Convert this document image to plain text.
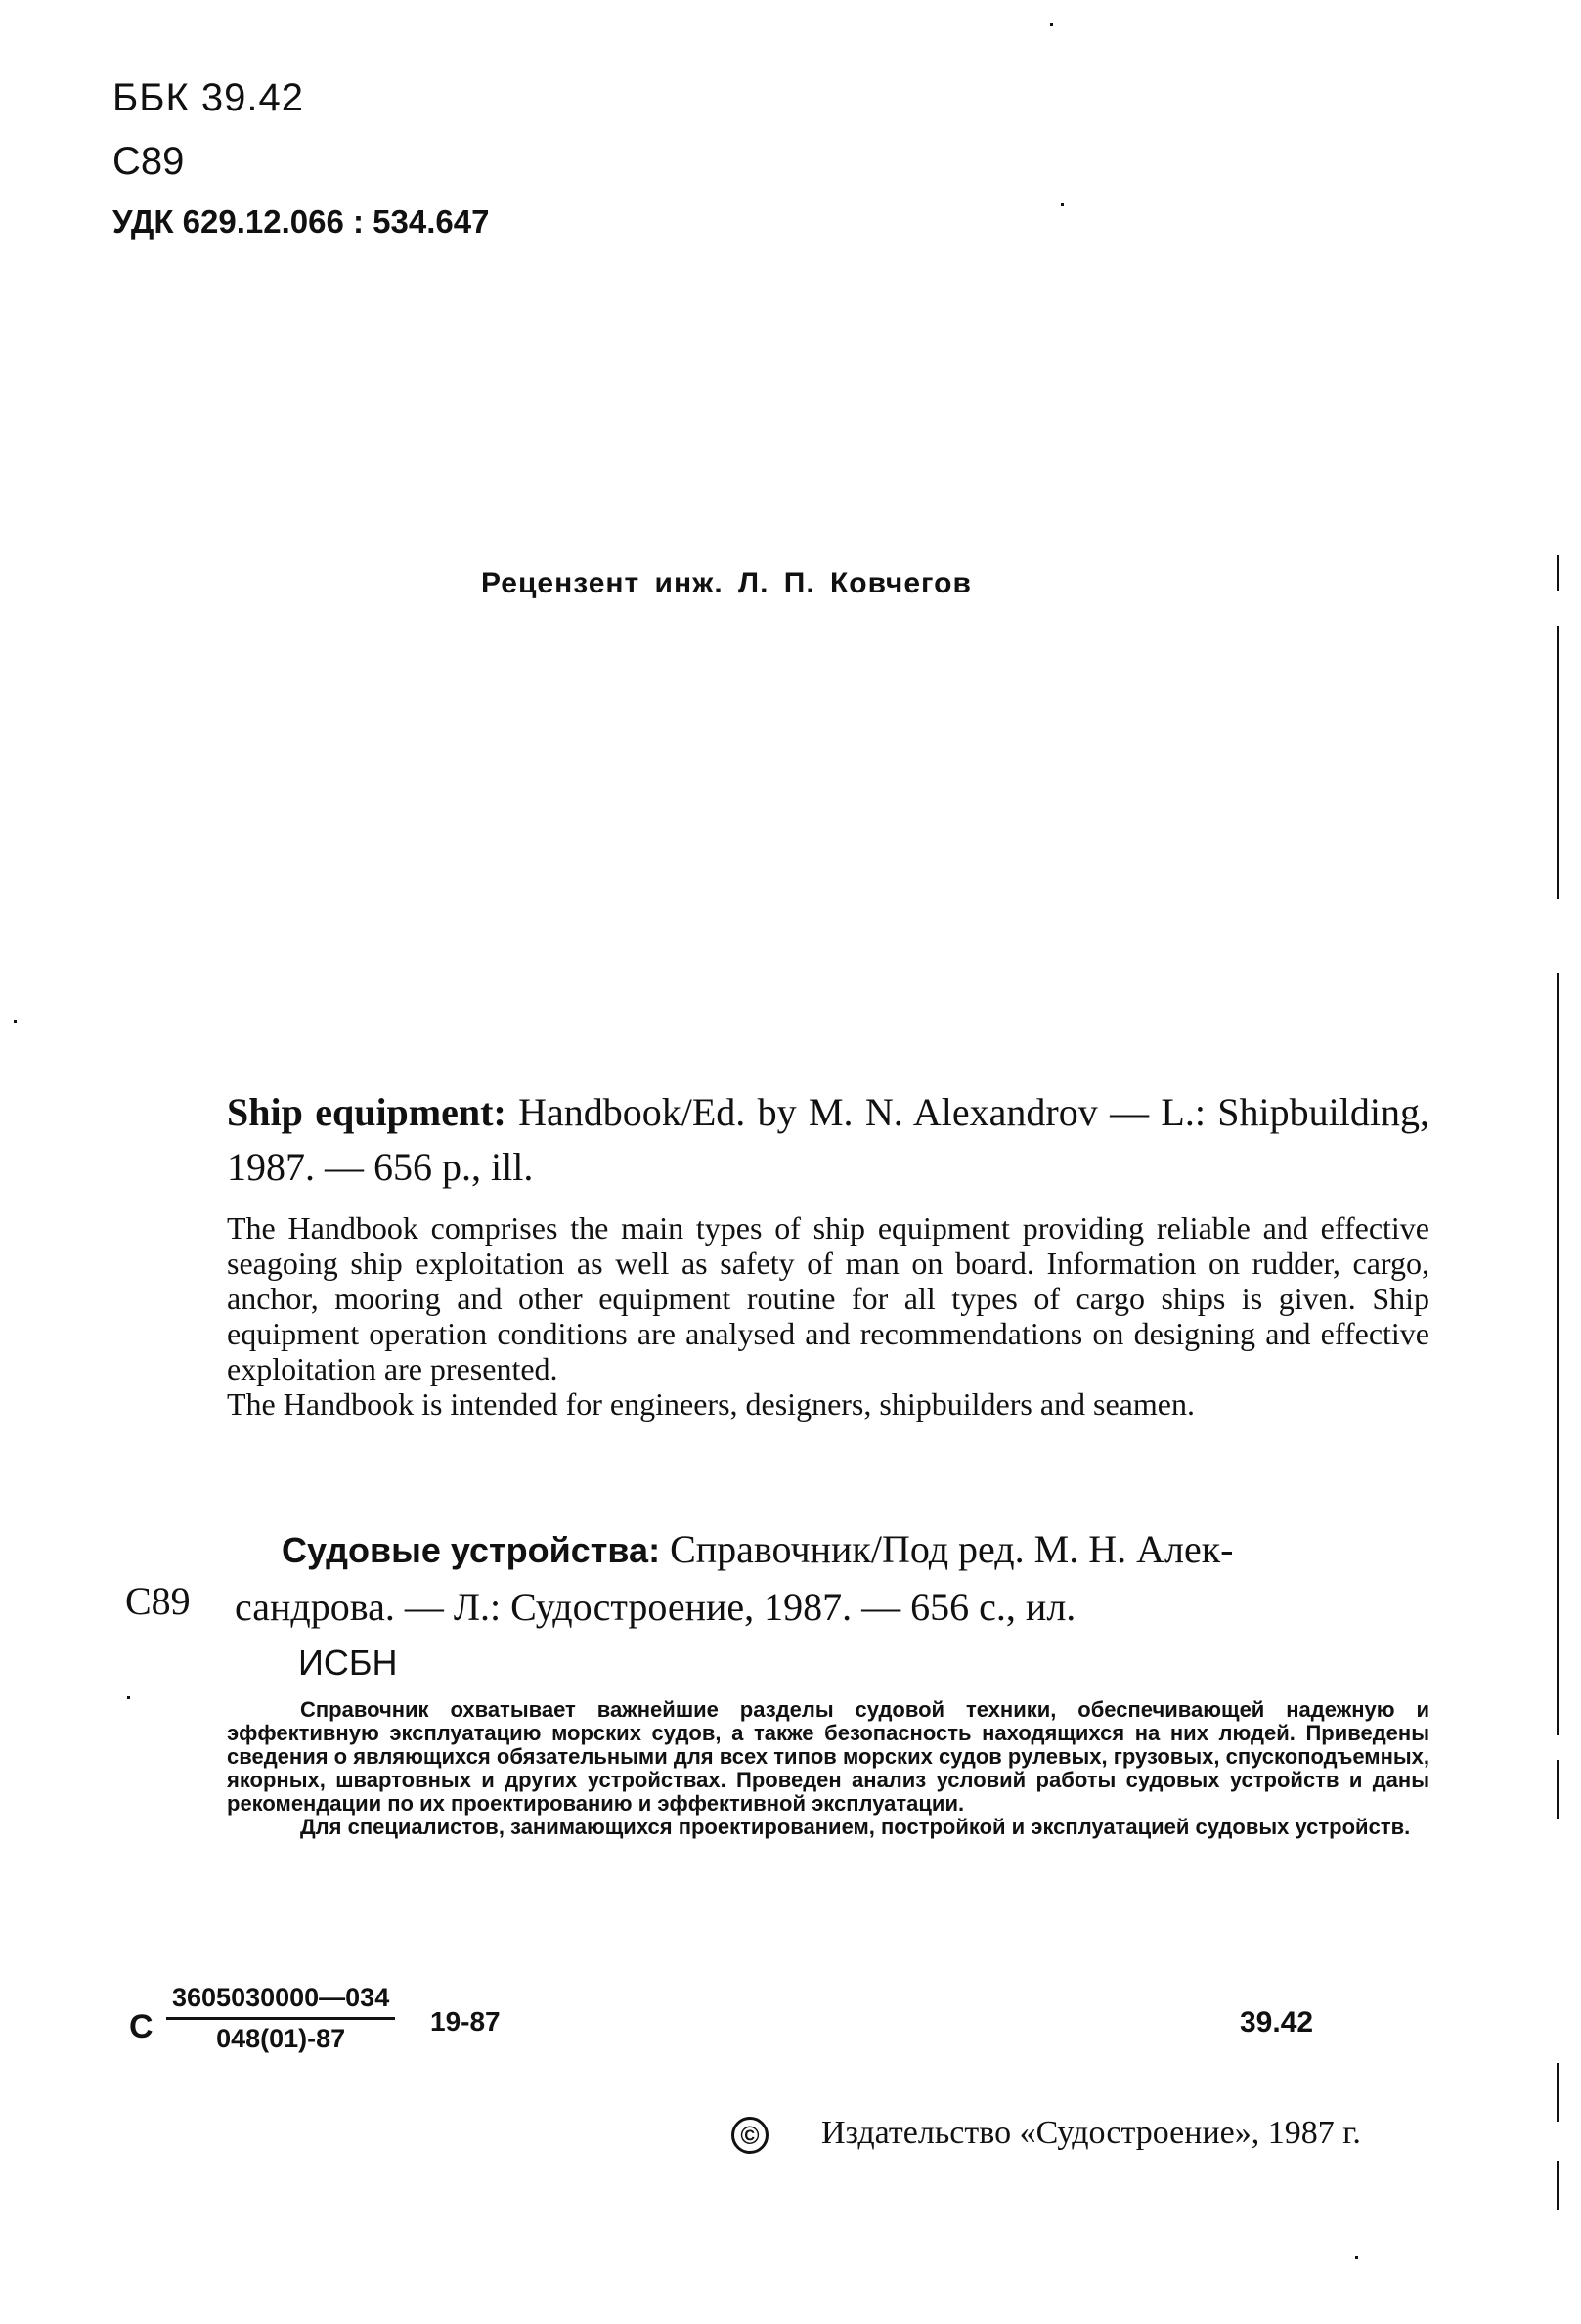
ББК 39.42
С89
УДК 629.12.066 : 534.647
Рецензент инж. Л. П. Ковчегов
Ship equipment: Handbook/Ed. by M. N. Alexandrov — L.: Shipbuilding, 1987. — 656 p., ill.

The Handbook comprises the main types of ship equipment providing reliable and effective seagoing ship exploitation as well as safety of man on board. Information on rudder, cargo, anchor, mooring and other equipment routine for all types of cargo ships is given. Ship equipment operation conditions are analysed and recommendations on designing and effective exploitation are presented.

The Handbook is intended for engineers, designers, shipbuilders and seamen.

Судовые устройства: Справочник/Под ред. М. Н. Алек-
сандрова. — Л.: Судостроение, 1987. — 656 с., ил.
С89
ИСБН

Справочник охватывает важнейшие разделы судовой техники, обеспечивающей надежную и эффективную эксплуатацию морских судов, а также безопасность находящихся на них людей. Приведены сведения о являющихся обязательными для всех типов морских судов рулевых, грузовых, спускоподъемных, якорных, швартовных и других устройствах. Проведен анализ условий работы судовых устройств и даны рекомендации по их проектированию и эффективной эксплуатации.

Для специалистов, занимающихся проектированием, постройкой и эксплуатацией судовых устройств.

С $\frac{3605030000—034}{048(01)-87} 19-87$	39.42
© Издательство «Судостроение», 1987 г.
